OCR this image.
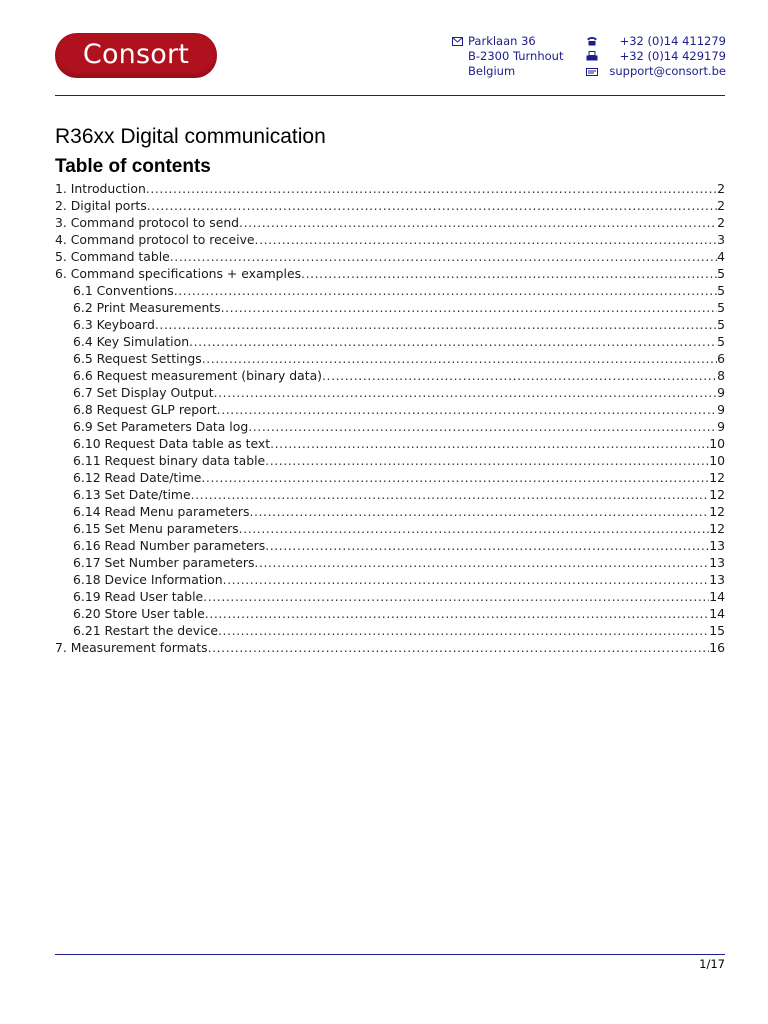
Consort	Parklaan 36
B-2300 Turnhout
Belgium
+32 (0)14 411279
+32 (0)14 429179
support@consort.be
R36xx Digital communication
Table of contents
1. Introduction .....	2
2. Digital ports .....	2
3. Command protocol to send .....	2
4. Command protocol to receive .....	3
5. Command table .....	4
6. Command specifications + examples .....	5
6.1 Conventions .....	5
6.2 Print Measurements .....	5
6.3 Keyboard .....	5
6.4 Key Simulation .....	5
6.5 Request Settings .....	6
6.6 Request measurement (binary data) .....	8
6.7 Set Display Output .....	9
6.8 Request GLP report .....	9
6.9 Set Parameters Data log .....	9
6.10 Request Data table as text .....	10
6.11 Request binary data table .....	10
6.12 Read Date/time .....	12
6.13 Set Date/time .....	12
6.14 Read Menu parameters .....	12
6.15 Set Menu parameters .....	12
6.16 Read Number parameters .....	13
6.17 Set Number parameters .....	13
6.18 Device Information .....	13
6.19 Read User table .....	14
6.20 Store User table .....	14
6.21 Restart the device .....	15
7. Measurement formats .....	16
1/17
